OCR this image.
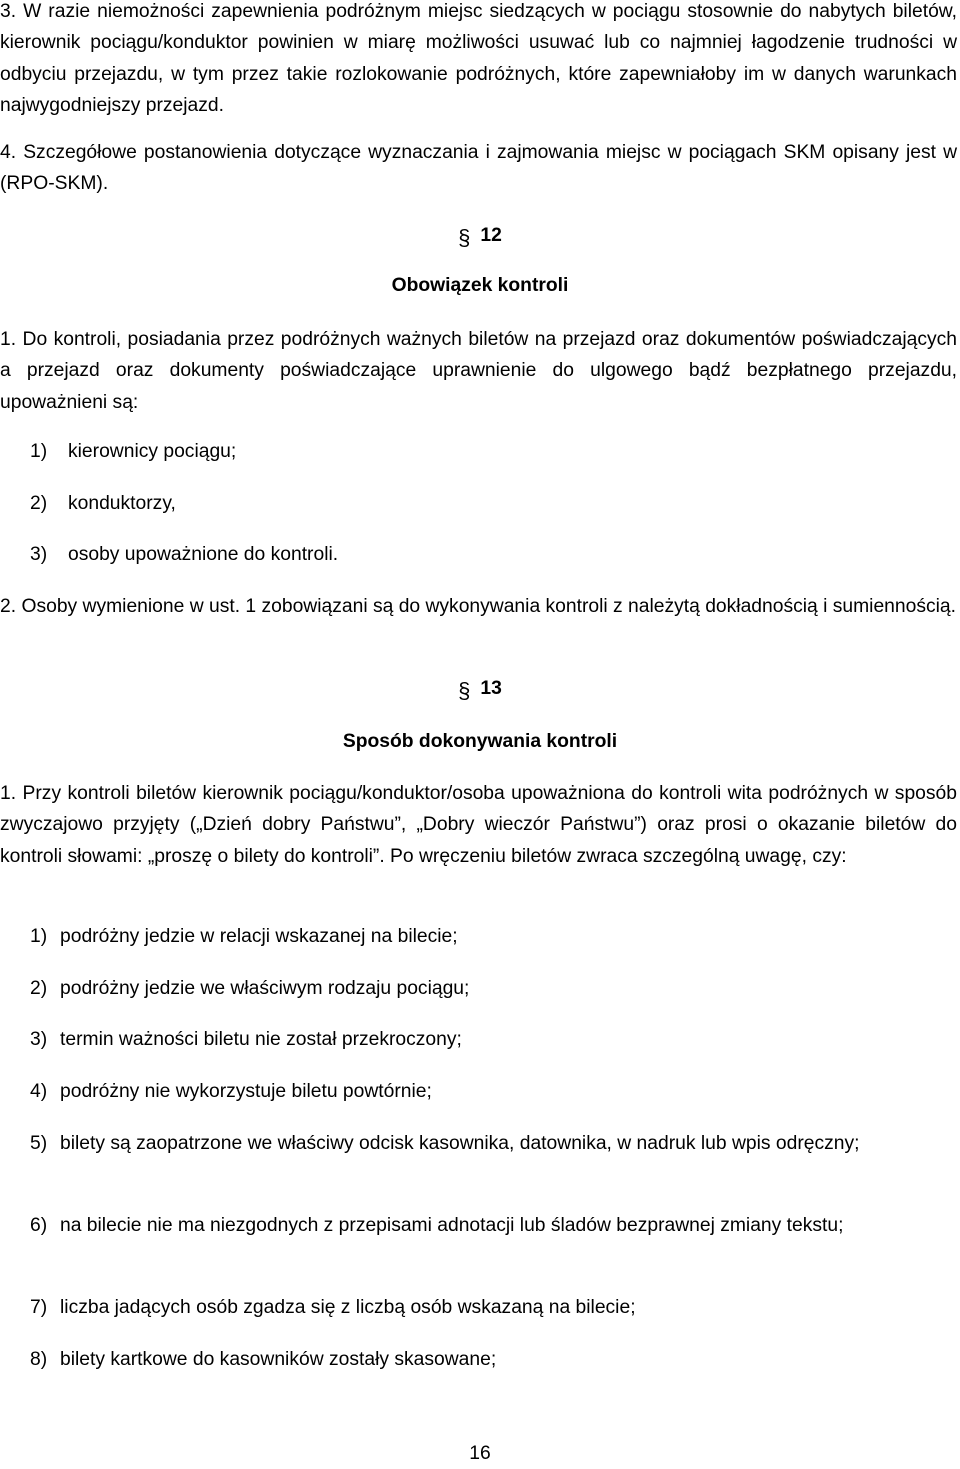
3. W razie niemożności zapewnienia podróżnym miejsc siedzących w pociągu stosownie do nabytych biletów, kierownik pociągu/konduktor powinien w miarę możliwości usuwać lub co najmniej łagodzenie trudności w odbyciu przejazdu, w tym przez takie rozlokowanie podróżnych, które zapewniałoby im w danych warunkach najwygodniejszy przejazd.

4. Szczegółowe postanowienia dotyczące wyznaczania i zajmowania miejsc w pociągach SKM opisany jest w (RPO-SKM).

§ 12
Obowiązek kontroli

1. Do kontroli, posiadania przez podróżnych ważnych biletów na przejazd oraz dokumentów poświadczających a przejazd oraz dokumenty poświadczające uprawnienie do ulgowego bądź bezpłatnego przejazdu, upoważnieni są:

1) kierownicy pociągu;
2) konduktorzy,
3) osoby upoważnione do kontroli.

2. Osoby wymienione w ust. 1 zobowiązani są do wykonywania kontroli z należytą dokładnością i sumiennością.

§ 13
Sposób dokonywania kontroli

1. Przy kontroli biletów kierownik pociągu/konduktor/osoba upoważniona do kontroli wita podróżnych w sposób zwyczajowo przyjęty („Dzień dobry Państwu”, „Dobry wieczór Państwu”) oraz prosi o okazanie biletów do kontroli słowami: „proszę o bilety do kontroli”. Po wręczeniu biletów zwraca szczególną uwagę, czy:

1) podróżny jedzie w relacji wskazanej na bilecie;
2) podróżny jedzie we właściwym rodzaju pociągu;
3) termin ważności biletu nie został przekroczony;
4) podróżny nie wykorzystuje biletu powtórnie;
5) bilety są zaopatrzone we właściwy odcisk kasownika, datownika, w nadruk lub wpis odręczny;
6) na bilecie nie ma niezgodnych z przepisami adnotacji lub śladów bezprawnej zmiany tekstu;
7) liczba jadących osób zgadza się z liczbą osób wskazaną na bilecie;
8) bilety kartkowe do kasowników zostały skasowane;
16
